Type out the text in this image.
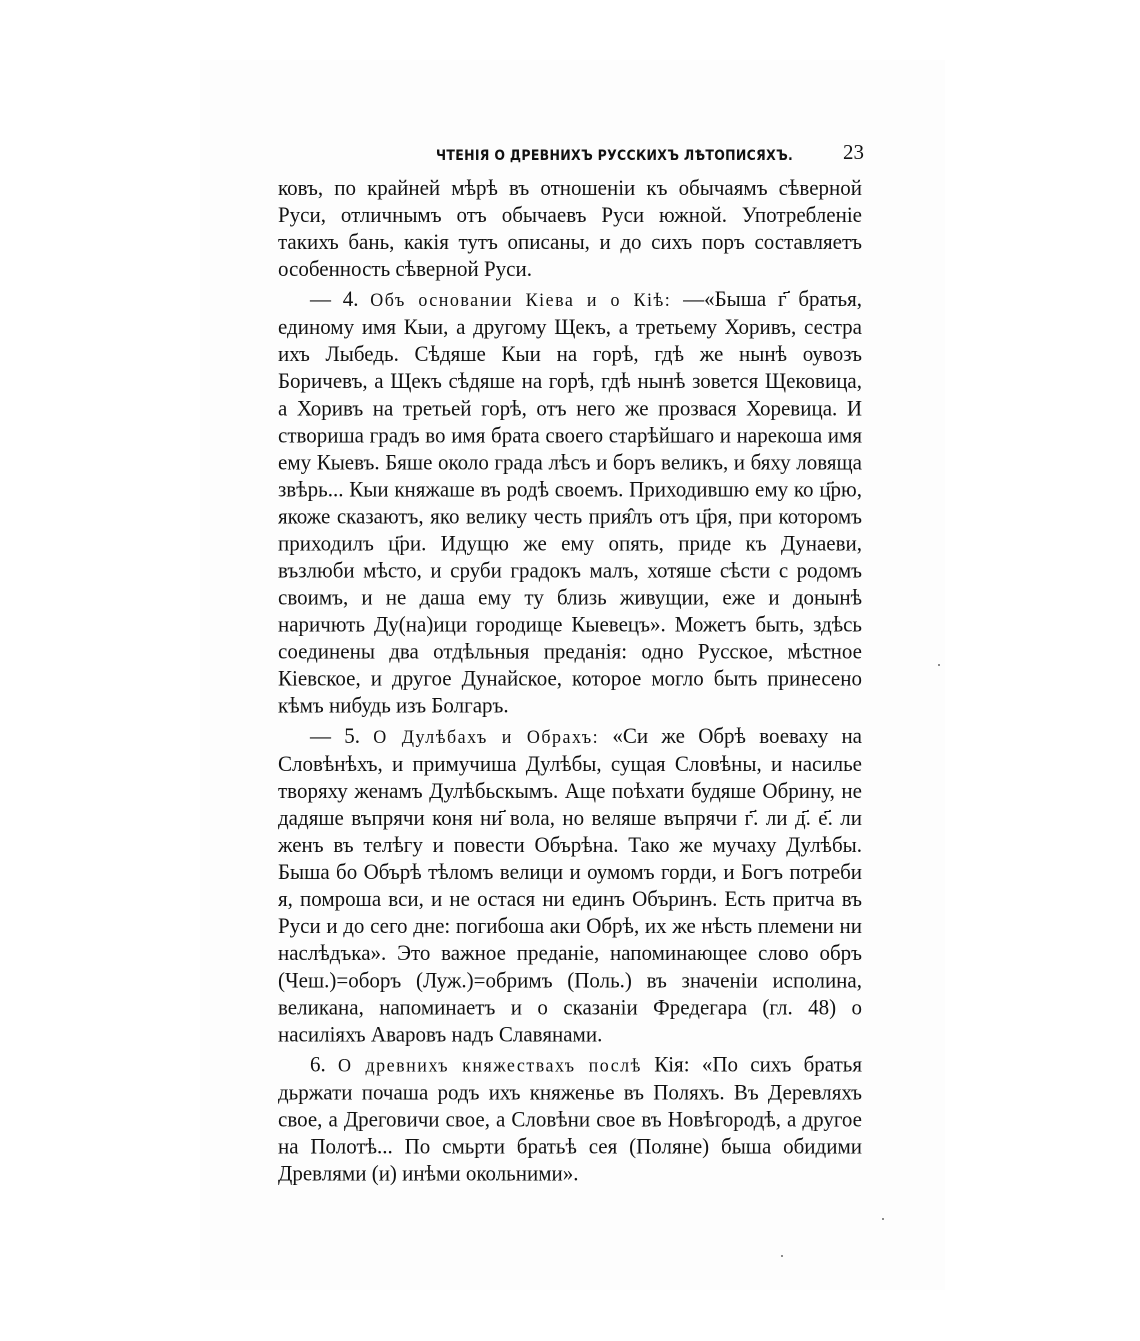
ЧТЕНІЯ О ДРЕВНИХЪ РУССКИХЪ ЛѢТОПИСЯХЪ. 23

ковъ, по крайней мѣрѣ въ отношеніи къ обычаямъ сѣверной Руси, отличнымъ отъ обычаевъ Руси южной. Употребленіе такихъ бань, какія тутъ описаны, и до сихъ поръ составляетъ особенность сѣверной Руси.

— 4. Объ основании Кіева и о Кіѣ: —«Быша г҃ братья, единому имя Кыи, а другому Щекъ, а третьему Хоривъ, сестра ихъ Лыбедь. Сѣдяше Кыи на горѣ, гдѣ же нынѣ оувозъ Боричевъ, а Щекъ сѣдяше на горѣ, гдѣ нынѣ зовется Щековица, а Хоривъ на третьей горѣ, отъ него же прозвася Хоревица. И створиша градъ во имя брата своего старѣйшаго и нарекоша имя ему Кыевъ. Бяше около града лѣсъ и боръ великъ, и бяху ловяща звѣрь... Кыи княжаше въ родѣ своемъ. Приходившю ему ко ц҃рю, якоже сказаютъ, яко велику честь прия̂лъ отъ ц҃ря, при которомъ приходилъ ц҃ри. Идущю же ему опять, приде къ Дунаеви, възлюби мѣсто, и сруби градокъ малъ, хотяше сѣсти с родомъ своимъ, и не даша ему ту близь живущии, еже и донынѣ наричють Ду(на)ици городище Кыевецъ». Можетъ быть, здѣсь соединены два отдѣльныя преданія: одно Русское, мѣстное Кіевское, и другое Дунайское, которое могло быть принесено кѣмъ нибудь изъ Болгаръ.

— 5. О Дулѣбахъ и Обрахъ: «Си же Обрѣ воеваху на Словѣнѣхъ, и примучиша Дулѣбы, сущая Словѣны, и насилье творяху женамъ Дулѣбьскымъ. Аще поѣхати будяше Обрину, не дадяше въпрячи коня ни҃ вола, но веляше въпрячи г҃. ли д҃. е҃. ли женъ въ телѣгу и повести Обърѣна. Тако же мучаху Дулѣбы. Быша бо Обърѣ тѣломъ велици и оумомъ горди, и Богъ потреби я, помроша вси, и не остася ни единъ Объринъ. Есть притча въ Руси и до сего дне: погибоша аки Обрѣ, их же нѣсть племени ни наслѣдъка». Это важное преданіе, напоминающее слово обръ (Чеш.)=оборъ (Луж.)=обримъ (Поль.) въ значеніи исполина, великана, напоминаетъ и о сказаніи Фредегара (гл. 48) о насиліяхъ Аваровъ надъ Славянами.

6. О древнихъ княжествахъ послѣ Кія: «По сихъ братья дьржати почаша родъ ихъ княженье въ Поляхъ. Въ Деревляхъ свое, а Дреговичи свое, а Словѣни свое въ Новѣгородѣ, а другое на Полотѣ... По смьрти братьѣ сея (Поляне) быша обидими Древлями (и) инѣми окольними».
